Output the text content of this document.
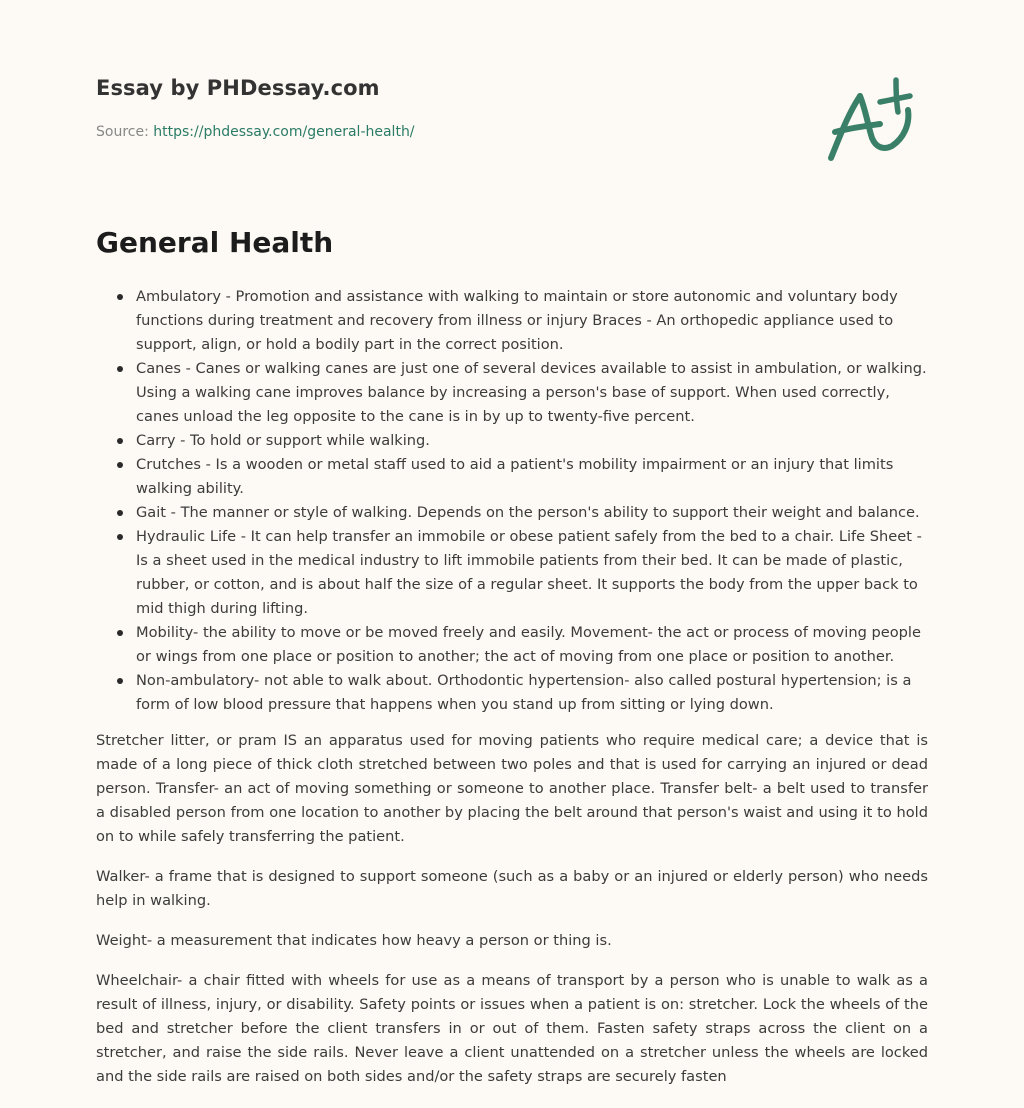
Essay by PHDessay.com
Source: https://phdessay.com/general-health/
General Health
Ambulatory - Promotion and assistance with walking to maintain or store autonomic and voluntary body functions during treatment and recovery from illness or injury Braces - An orthopedic appliance used to support, align, or hold a bodily part in the correct position.
Canes - Canes or walking canes are just one of several devices available to assist in ambulation, or walking. Using a walking cane improves balance by increasing a person's base of support. When used correctly, canes unload the leg opposite to the cane is in by up to twenty-five percent.
Carry - To hold or support while walking.
Crutches - Is a wooden or metal staff used to aid a patient's mobility impairment or an injury that limits walking ability.
Gait - The manner or style of walking. Depends on the person's ability to support their weight and balance.
Hydraulic Life - It can help transfer an immobile or obese patient safely from the bed to a chair. Life Sheet - Is a sheet used in the medical industry to lift immobile patients from their bed. It can be made of plastic, rubber, or cotton, and is about half the size of a regular sheet. It supports the body from the upper back to mid thigh during lifting.
Mobility- the ability to move or be moved freely and easily. Movement- the act or process of moving people or wings from one place or position to another; the act of moving from one place or position to another.
Non-ambulatory- not able to walk about. Orthodontic hypertension- also called postural hypertension; is a form of low blood pressure that happens when you stand up from sitting or lying down.

Stretcher litter, or pram IS an apparatus used for moving patients who require medical care; a device that is made of a long piece of thick cloth stretched between two poles and that is used for carrying an injured or dead person. Transfer- an act of moving something or someone to another place. Transfer belt- a belt used to transfer a disabled person from one location to another by placing the belt around that person's waist and using it to hold on to while safely transferring the patient.

Walker- a frame that is designed to support someone (such as a baby or an injured or elderly person) who needs help in walking.

Weight- a measurement that indicates how heavy a person or thing is.

Wheelchair- a chair fitted with wheels for use as a means of transport by a person who is unable to walk as a result of illness, injury, or disability. Safety points or issues when a patient is on: stretcher. Lock the wheels of the bed and stretcher before the client transfers in or out of them. Fasten safety straps across the client on a stretcher, and raise the side rails. Never leave a client unattended on a stretcher unless the wheels are locked and the side rails are raised on both sides and/or the safety straps are securely fasten
